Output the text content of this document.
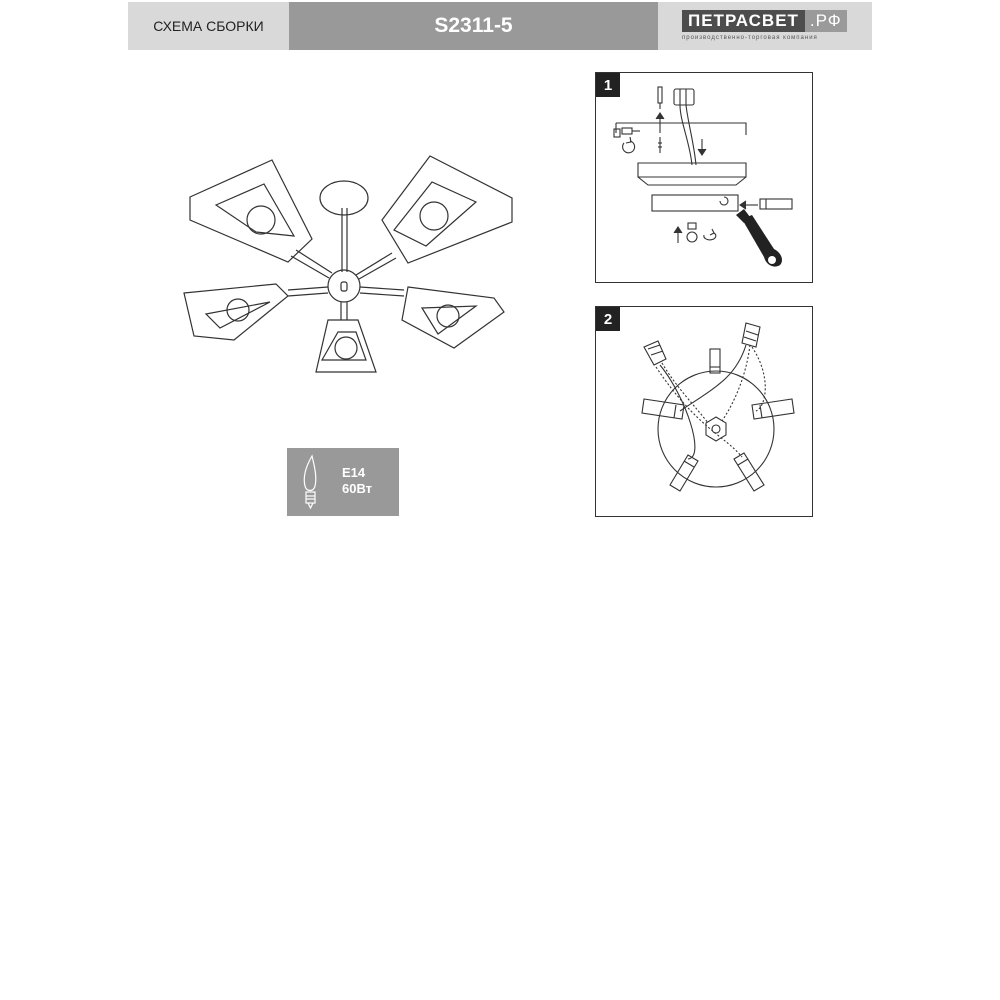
СХЕМА СБОРКИ	S2311-5	ПЕТРАСВЕТ .РФ
производственно-торговая компания
E14
60Вт
1
2
